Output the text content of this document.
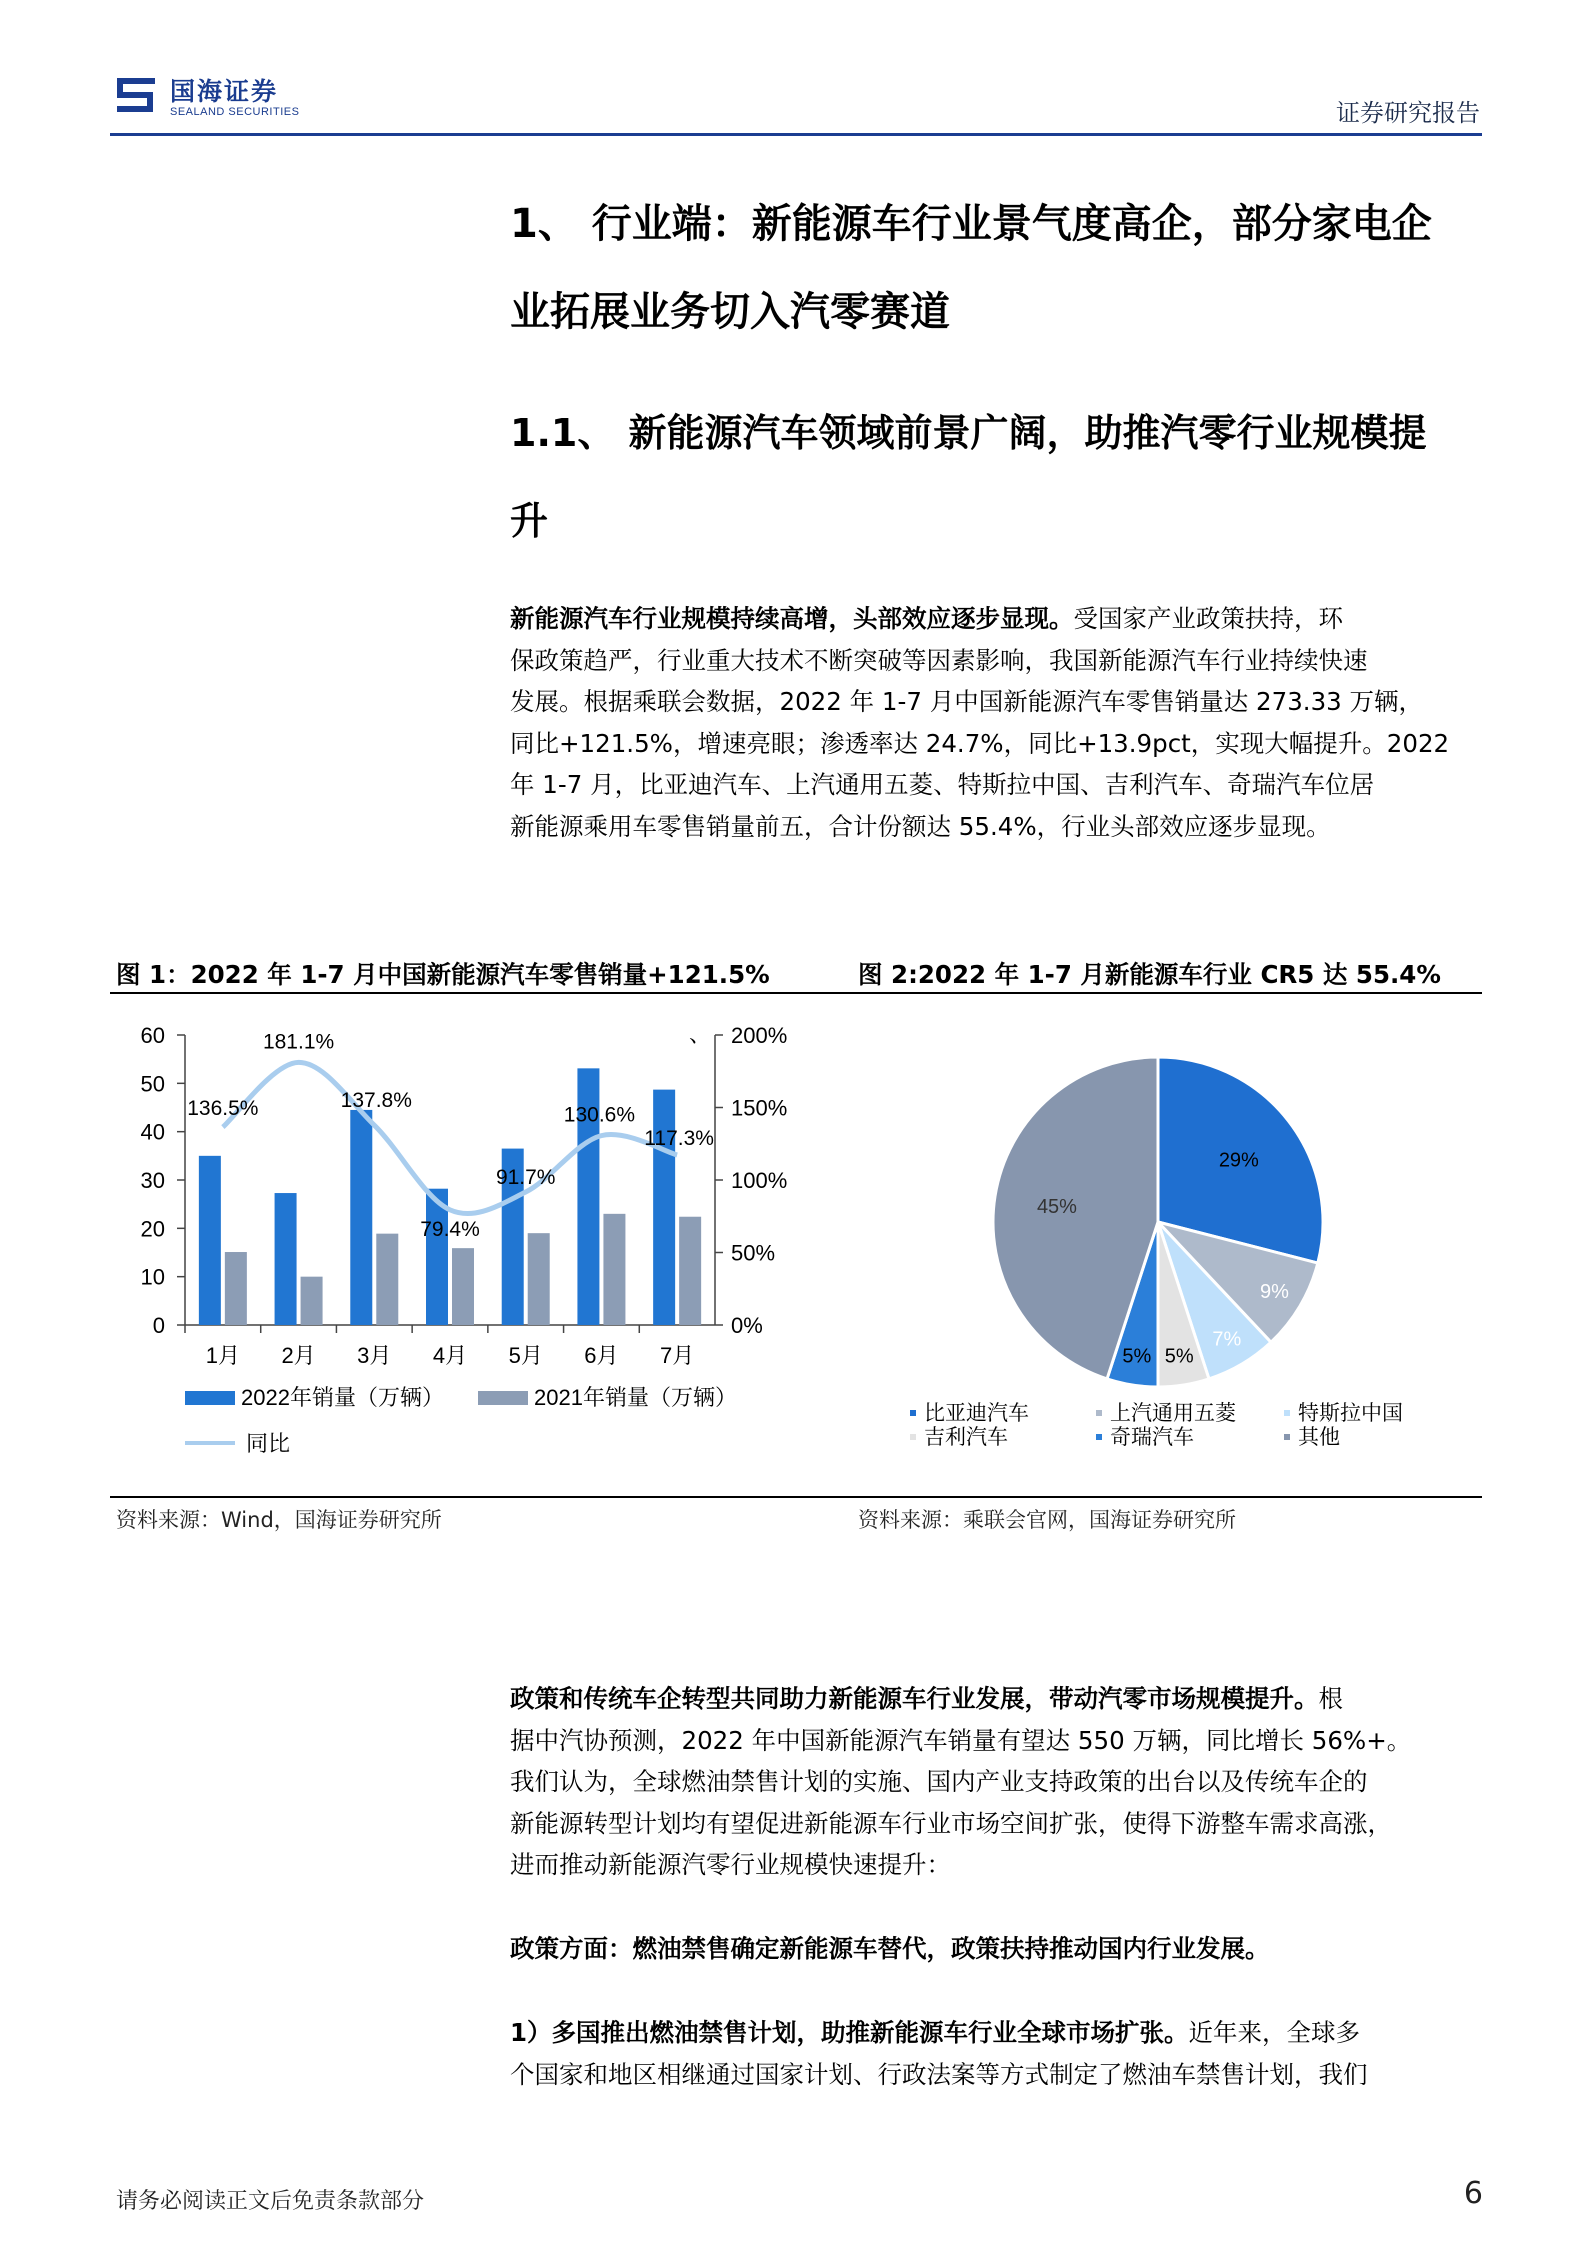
国海证券
SEALAND SECURITIES	证券研究报告
1、 行业端：新能源车行业景气度高企，部分家电企
业拓展业务切入汽零赛道
1.1、 新能源汽车领域前景广阔，助推汽零行业规模提
升
新能源汽车行业规模持续高增，头部效应逐步显现。受国家产业政策扶持，环
保政策趋严，行业重大技术不断突破等因素影响，我国新能源汽车行业持续快速
发展。根据乘联会数据，2022 年 1-7 月中国新能源汽车零售销量达 273.33 万辆，
同比+121.5%，增速亮眼；渗透率达 24.7%，同比+13.9pct，实现大幅提升。2022
年 1-7 月，比亚迪汽车、上汽通用五菱、特斯拉中国、吉利汽车、奇瑞汽车位居
新能源乘用车零售销量前五，合计份额达 55.4%，行业头部效应逐步显现。
图 1：2022 年 1-7 月中国新能源汽车零售销量+121.5%	图 2:2022 年 1-7 月新能源车行业 CR5 达 55.4%
0
10
20
30
40
50
60
0%
50%
100%
150%
200%
1月 2月 3月 4月 5月 6月 7月
136.5%
181.1%
137.8%
79.4%
91.7%
130.6%
117.3%
、
2022年销量（万辆）	2021年销量（万辆）
同比
29%
9%
7%
5%
5%
45%
比亚迪汽车	上汽通用五菱	特斯拉中国
吉利汽车	奇瑞汽车	其他
资料来源：Wind，国海证券研究所	资料来源：乘联会官网，国海证券研究所
政策和传统车企转型共同助力新能源车行业发展，带动汽零市场规模提升。根
据中汽协预测，2022 年中国新能源汽车销量有望达 550 万辆，同比增长 56%+。
我们认为，全球燃油禁售计划的实施、国内产业支持政策的出台以及传统车企的
新能源转型计划均有望促进新能源车行业市场空间扩张，使得下游整车需求高涨，
进而推动新能源汽零行业规模快速提升：
政策方面：燃油禁售确定新能源车替代，政策扶持推动国内行业发展。
1）多国推出燃油禁售计划，助推新能源车行业全球市场扩张。近年来，全球多
个国家和地区相继通过国家计划、行政法案等方式制定了燃油车禁售计划，我们
请务必阅读正文后免责条款部分	6
